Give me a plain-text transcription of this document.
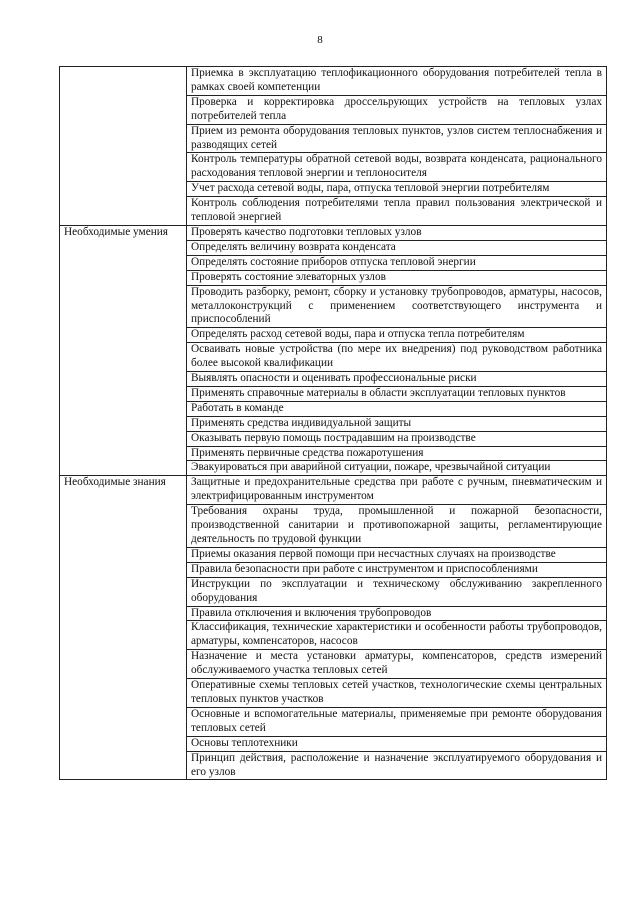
8
	Приемка в эксплуатацию теплофикационного оборудования потребителей тепла в рамках своей компетенции
	Проверка и корректировка дроссельрующих устройств на тепловых узлах потребителей тепла
	Прием из ремонта оборудования тепловых пунктов, узлов систем теплоснабжения и разводящих сетей
	Контроль температуры обратной сетевой воды, возврата конденсата, рационального расходования тепловой энергии и теплоносителя
	Учет расхода сетевой воды, пара, отпуска тепловой энергии потребителям
	Контроль соблюдения потребителями тепла правил пользования электрической и тепловой энергией
Необходимые умения	Проверять качество подготовки тепловых узлов
	Определять величину возврата конденсата
	Определять состояние приборов отпуска тепловой энергии
	Проверять состояние элеваторных узлов
	Проводить разборку, ремонт, сборку и установку трубопроводов, арматуры, насосов, металлоконструкций с применением соответствующего инструмента и приспособлений
	Определять расход сетевой воды, пара и отпуска тепла потребителям
	Осваивать новые устройства (по мере их внедрения) под руководством работника более высокой квалификации
	Выявлять опасности и оценивать профессиональные риски
	Применять справочные материалы в области эксплуатации тепловых пунктов
	Работать в команде
	Применять средства индивидуальной защиты
	Оказывать первую помощь пострадавшим на производстве
	Применять первичные средства пожаротушения
	Эвакуироваться при аварийной ситуации, пожаре, чрезвычайной ситуации
Необходимые знания	Защитные и предохранительные средства при работе с ручным, пневматическим и электрифицированным инструментом
	Требования охраны труда, промышленной и пожарной безопасности, производственной санитарии и противопожарной защиты, регламентирующие деятельность по трудовой функции
	Приемы оказания первой помощи при несчастных случаях на производстве
	Правила безопасности при работе с инструментом и приспособлениями
	Инструкции по эксплуатации и техническому обслуживанию закрепленного оборудования
	Правила отключения и включения трубопроводов
	Классификация, технические характеристики и особенности работы трубопроводов, арматуры, компенсаторов, насосов
	Назначение и места установки арматуры, компенсаторов, средств измерений обслуживаемого участка тепловых сетей
	Оперативные схемы тепловых сетей участков, технологические схемы центральных тепловых пунктов участков
	Основные и вспомогательные материалы, применяемые при ремонте оборудования тепловых сетей
	Основы теплотехники
	Принцип действия, расположение и назначение эксплуатируемого оборудования и его узлов
